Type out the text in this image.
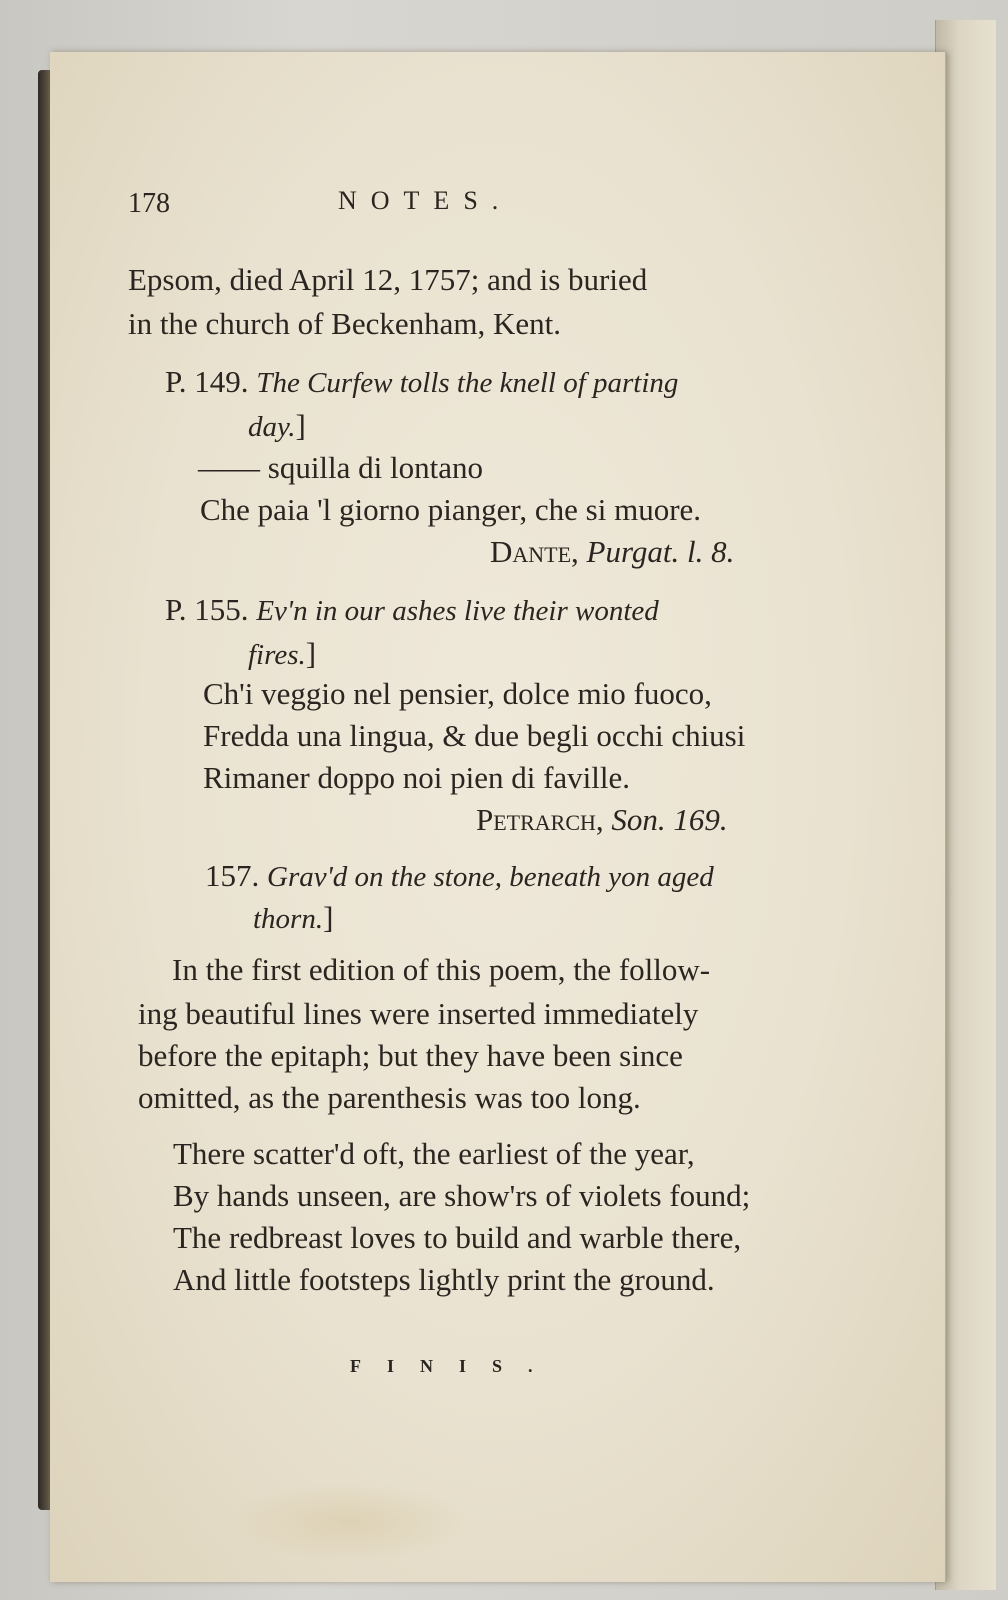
178	NOTES.
Epsom, died April 12, 1757; and is buried
in the church of Beckenham, Kent.
P. 149. The Curfew tolls the knell of parting
day.]
—— squilla di lontano
Che paia 'l giorno pianger, che si muore.
Dante, Purgat. l. 8.
P. 155. Ev'n in our ashes live their wonted
fires.]
Ch'i veggio nel pensier, dolce mio fuoco,
Fredda una lingua, & due begli occhi chiusi
Rimaner doppo noi pien di faville.
Petrarch, Son. 169.
157. Grav'd on the stone, beneath yon aged
thorn.]
In the first edition of this poem, the follow-
ing beautiful lines were inserted immediately
before the epitaph; but they have been since
omitted, as the parenthesis was too long.
There scatter'd oft, the earliest of the year,
By hands unseen, are show'rs of violets found;
The redbreast loves to build and warble there,
And little footsteps lightly print the ground.
FINIS.
